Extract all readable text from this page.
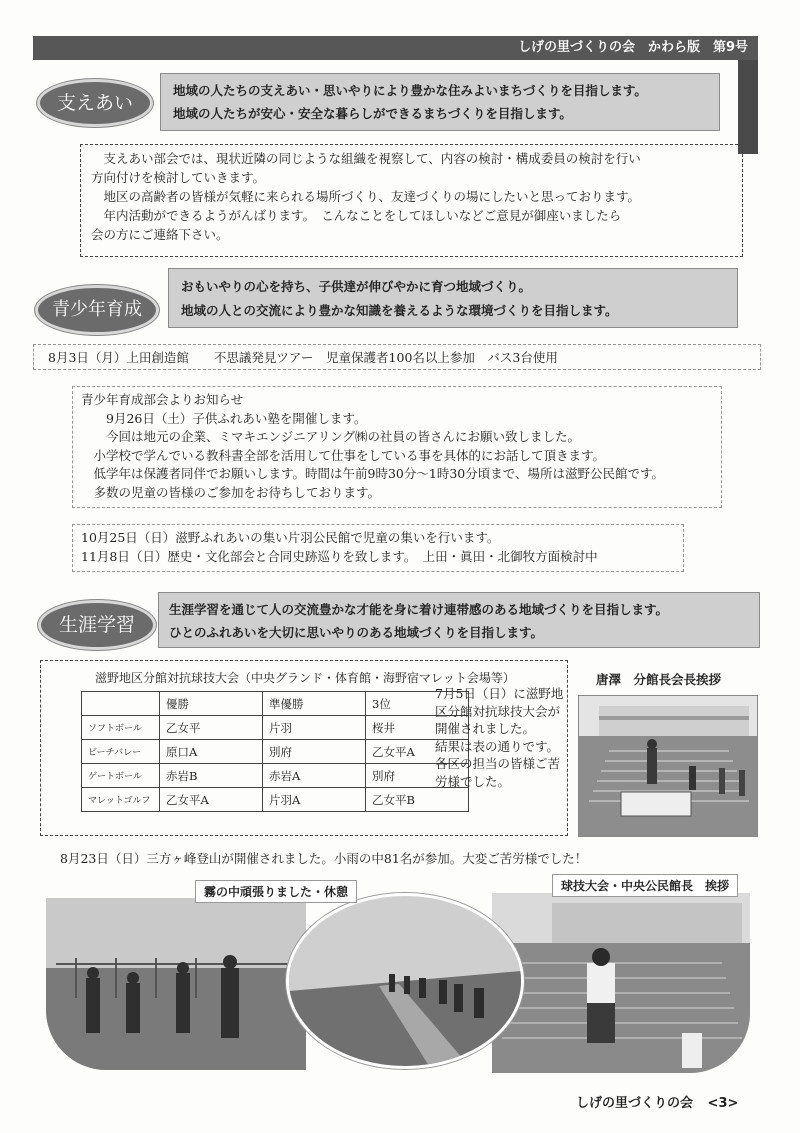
しげの里づくりの会　かわら版　第9号
支えあい

地域の人たちの支えあい・思いやりにより豊かな住みよいまちづくりを目指します。

地域の人たちが安心・安全な暮らしができるまちづくりを目指します。

　支えあい部会では、現状近隣の同じような組織を視察して、内容の検討・構成委員の検討を行い
方向付けを検討していきます。
　地区の高齢者の皆様が気軽に来られる場所づくり、友達づくりの場にしたいと思っております。
　年内活動ができるようがんばります。　こんなことをしてほしいなどご意見が御座いましたら
会の方にご連絡下さい。
青少年育成

おもいやりの心を持ち、子供達が伸びやかに育つ地域づくり。

地域の人との交流により豊かな知識を養えるような環境づくりを目指します。

8月3日（月）上田創造館　　不思議発見ツアー　児童保護者100名以上参加　バス3台使用
青少年育成部会よりお知らせ
　　9月26日（土）子供ふれあい塾を開催します。
　　今回は地元の企業、ミマキエンジニアリング㈱の社員の皆さんにお願い致しました。
　小学校で学んでいる教科書全部を活用して仕事をしている事を具体的にお話して頂きます。
　低学年は保護者同伴でお願いします。時間は午前9時30分～1時30分頃まで、場所は滋野公民館です。
　多数の児童の皆様のご参加をお待ちしております。
10月25日（日）滋野ふれあいの集い片羽公民館で児童の集いを行います。
11月8日（日）歴史・文化部会と合同史跡巡りを致します。　上田・眞田・北御牧方面検討中
生涯学習

生涯学習を通じて人の交流豊かな才能を身に着け連帯感のある地域づくりを目指します。

ひとのふれあいを大切に思いやりのある地域づくりを目指します。

滋野地区分館対抗球技大会（中央グランド・体育館・海野宿マレット会場等）
	優勝	準優勝	3位
ソフトボール	乙女平	片羽	桜井
ビーチバレー	原口A	別府	乙女平A
ゲートボール	赤岩B	赤岩A	別府
マレットゴルフ	乙女平A	片羽A	乙女平B
7月5日（日）に滋野地
区分館対抗球技大会が
開催されました。
結果は表の通りです。
各区の担当の皆様ご苦
労様でした。
唐澤　分館長会長挨拶
8月23日（日）三方ヶ峰登山が開催されました。小雨の中81名が参加。大変ご苦労様でした！
霧の中頑張りました・休憩	球技大会・中央公民館長　挨拶
しげの里づくりの会 <3>
